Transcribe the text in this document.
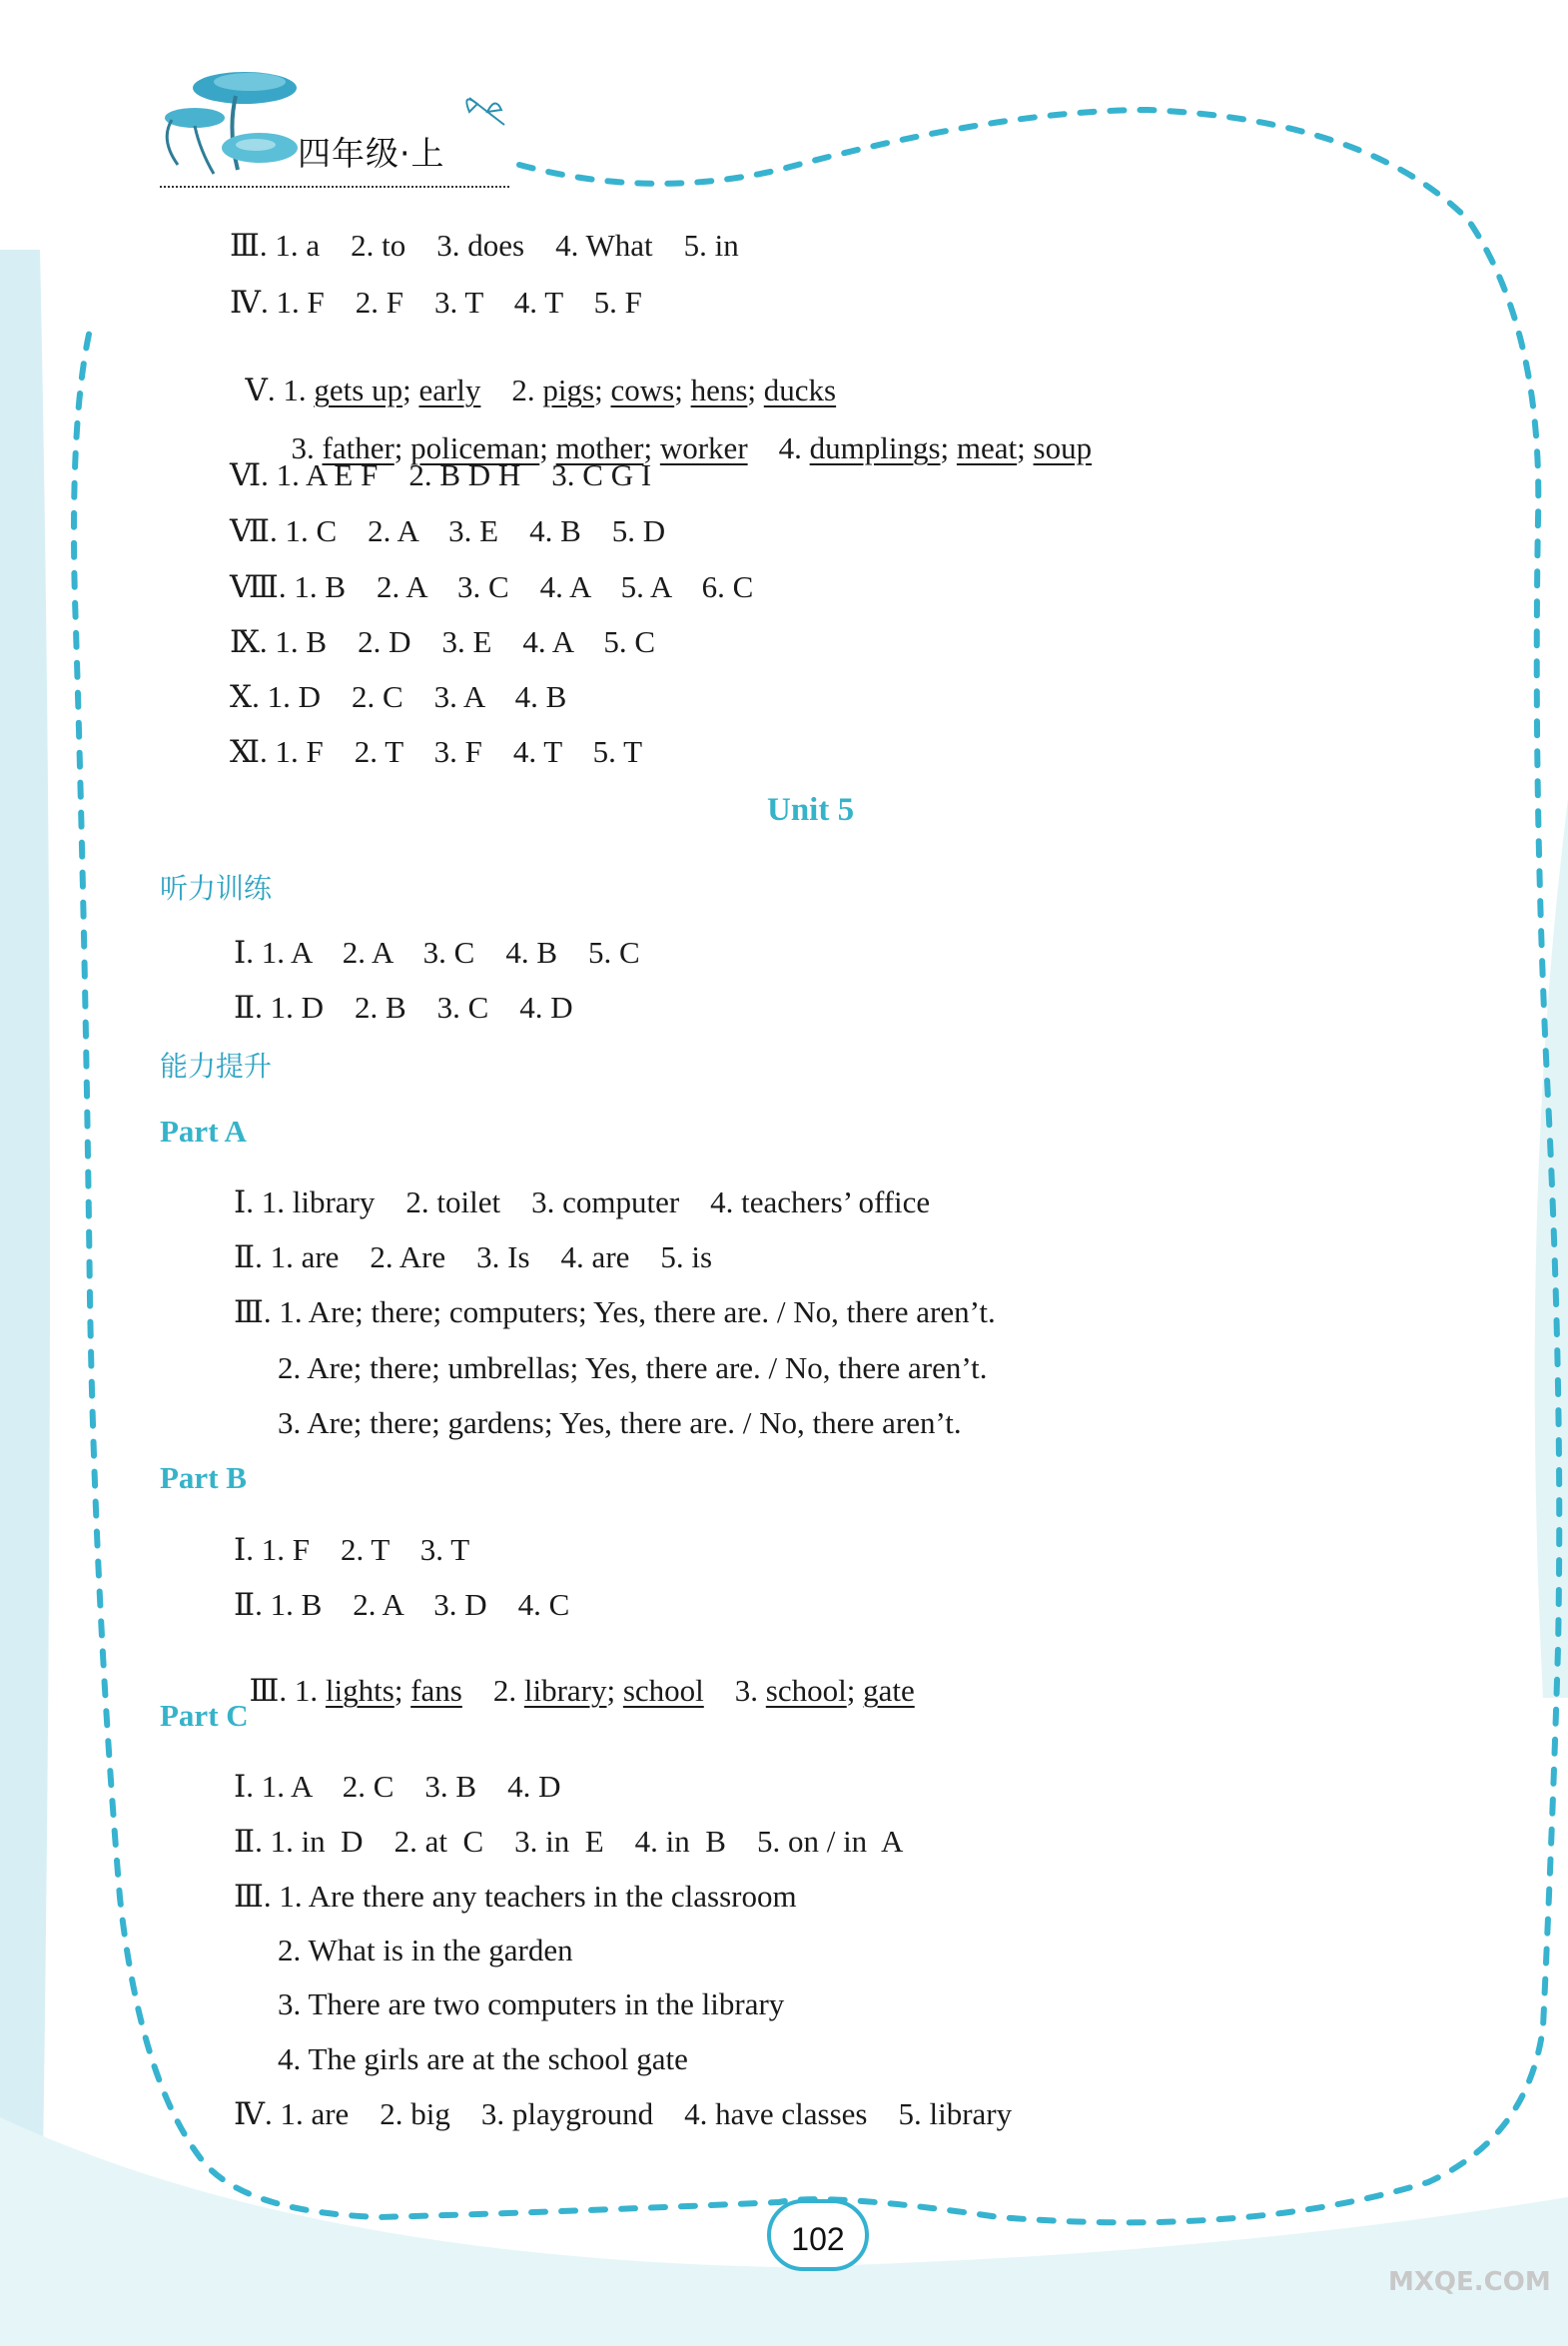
四年级·上
Ⅲ. 1. a    2. to    3. does    4. What    5. in
Ⅳ. 1. F    2. F    3. T    4. T    5. F

Ⅴ. 1. gets up; early    2. pigs; cows; hens; ducks

3. father; policeman; mother; worker    4. dumplings; meat; soup

Ⅵ. 1. A E F    2. B D H    3. C G I
Ⅶ. 1. C    2. A    3. E    4. B    5. D
Ⅷ. 1. B    2. A    3. C    4. A    5. A    6. C
Ⅸ. 1. B    2. D    3. E    4. A    5. C
Ⅹ. 1. D    2. C    3. A    4. B
Ⅺ. 1. F    2. T    3. F    4. T    5. T
Unit 5
听力训练
Ⅰ. 1. A    2. A    3. C    4. B    5. C
Ⅱ. 1. D    2. B    3. C    4. D
能力提升
Part A
Ⅰ. 1. library    2. toilet    3. computer    4. teachers’ office
Ⅱ. 1. are    2. Are    3. Is    4. are    5. is
Ⅲ. 1. Are; there; computers; Yes, there are. / No, there aren’t.
2. Are; there; umbrellas; Yes, there are. / No, there aren’t.
3. Are; there; gardens; Yes, there are. / No, there aren’t.
Part B
Ⅰ. 1. F    2. T    3. T
Ⅱ. 1. B    2. A    3. D    4. C

Ⅲ. 1. lights; fans    2. library; school    3. school; gate

Part C
Ⅰ. 1. A    2. C    3. B    4. D
Ⅱ. 1. in  D    2. at  C    3. in  E    4. in  B    5. on / in  A
Ⅲ. 1. Are there any teachers in the classroom
2. What is in the garden
3. There are two computers in the library
4. The girls are at the school gate
Ⅳ. 1. are    2. big    3. playground    4. have classes    5. library
102
MXQE.COM
